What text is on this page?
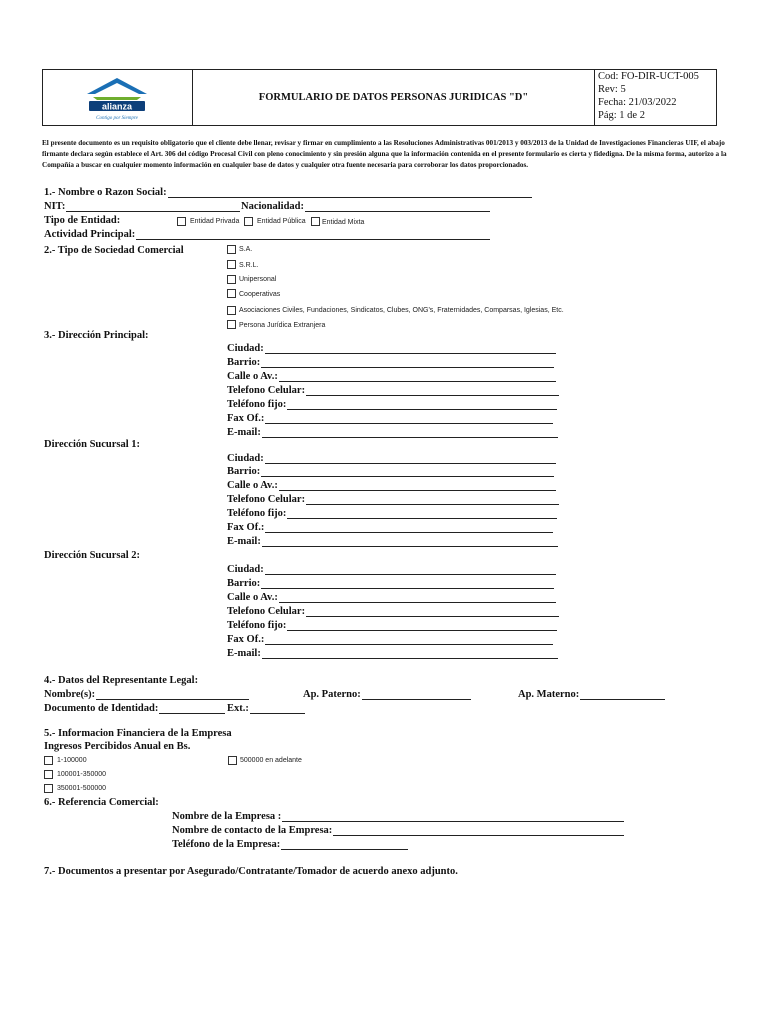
alianza
Contigo por Siempre
FORMULARIO DE DATOS PERSONAS JURIDICAS "D"
Cod: FO-DIR-UCT-005
Rev: 5
Fecha: 21/03/2022
Pág: 1 de 2
El presente documento es un requisito obligatorio que el cliente debe llenar, revisar y firmar en cumplimiento a las Resoluciones Administrativas 001/2013 y 003/2013 de la Unidad de Investigaciones Financieras UIF, el abajo firmante declara según establece el Art. 306 del código Procesal Civil con pleno conocimiento y sin presión alguna que la información contenida en el presente formulario es cierta y fidedigna. De la misma forma, autorizo a la Compañía a buscar en cualquier momento información en cualquier base de datos y cualquier otra fuente necesaria para corroborar los datos proporcionados.
1.- Nombre o Razon Social:
NIT:	Nacionalidad:
Tipo de Entidad:	Entidad Privada	Entidad Pública Entidad Mixta
Actividad Principal:
2.- Tipo de Sociedad Comercial	S.A.
S.R.L.
Unipersonal
Cooperativas
Asociaciones Civiles, Fundaciones, Sindicatos, Clubes, ONG's, Fraternidades, Comparsas, Iglesias, Etc.
Persona Jurídica Extranjera
3.- Dirección Principal:
Ciudad:
Barrio:
Calle o Av.:
Telefono Celular:
Teléfono fijo:
Fax Of.:
E-mail:
Dirección Sucursal 1:
Ciudad:
Barrio:
Calle o Av.:
Telefono Celular:
Teléfono fijo:
Fax Of.:
E-mail:
Dirección Sucursal 2:
Ciudad:
Barrio:
Calle o Av.:
Telefono Celular:
Teléfono fijo:
Fax Of.:
E-mail:
4.- Datos del Representante Legal:
Nombre(s):	Ap. Paterno:	Ap. Materno:
Documento de Identidad:	Ext.:
5.- Informacion Financiera de la Empresa
Ingresos Percibidos Anual en Bs.
1-100000
100001-350000
350001-500000
500000 en adelante
6.- Referencia Comercial:
Nombre de la Empresa :
Nombre de contacto de la Empresa:
Teléfono de la Empresa:
7.- Documentos a presentar por Asegurado/Contratante/Tomador de acuerdo anexo adjunto.
